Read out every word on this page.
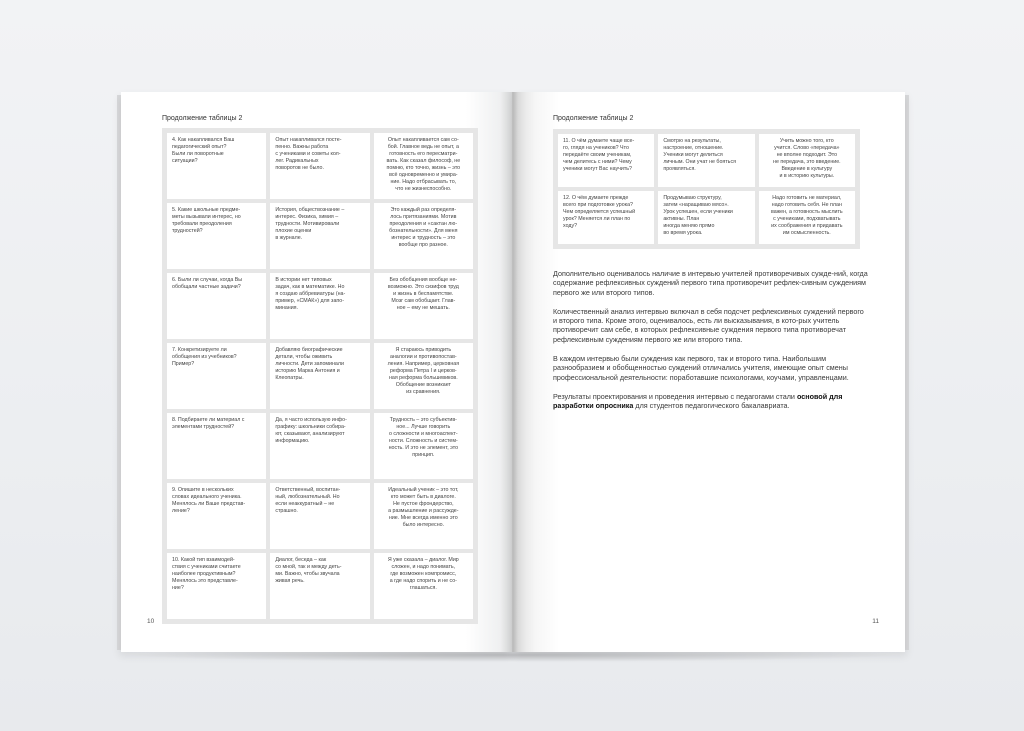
Продолжение таблицы 2
4. Как накапливался Ваш
педагогический опыт?
Были ли поворотные
ситуации?
Опыт накапливался посте-
пенно. Важны работа
с учениками и советы кол-
лег. Радикальных
поворотов не было.
Опыт накапливается сам со-
бой. Главное ведь не опыт, а
готовность его пересматри-
вать. Как сказал философ, не
помню, кто точно, жизнь – это
всё одновременно и умира-
ние. Надо отбрасывать то,
что не жизнеспособно.
5. Какие школьные предме-
меты вызывали интерес, но
требовали преодоления
трудностей?
История, обществознание –
интерес. Физика, химия –
трудности. Мотивировали
плохие оценки
в журнале.
Это каждый раз определя-
лось притязаниями. Мотив
преодоления и «сактан лю-
бознательности». Для меня
интерес и трудность – это
вообще про разное.
6. Были ли случаи, когда Вы
обобщали частные задачи?
В истории нет типовых
задач, как в математике. Но
я создаю аббревиатуры (на-
пример, «СМАК») для запо-
минания.
Без обобщения вообще не-
возможно. Это сизифов труд
и жизнь в беспамятстве.
Мозг сам обобщает. Глав-
ное – ему не мешать.
7. Конкретизируете ли
обобщения из учебников?
Пример?
Добавляю биографические
детали, чтобы оживить
личности. Дети запоминали
историю Марка Антония и
Клеопатры.
Я стараюсь приводить
аналогии и противопостав-
ления. Например, церковная
реформа Петра I и церков-
ная реформа большевиков.
Обобщение возникает
из сравнения.
8. Подбираете ли материал с
элементами трудностей?
Да, я часто использую инфо-
графику: школьники собира-
ют, сказывают, анализируют
информацию.
Трудность – это субъектив-
ное... Лучше говорить
о сложности и многоаспект-
ности. Сложность и систем-
ность. И это не элемент, это
принцип.
9. Опишите в нескольких
словах идеального ученика.
Менялось ли Ваше представ-
ление?
Ответственный, воспитан-
ный, любознательный. Но
если неаккуратный – не
страшно.
Идеальный ученик – это тот,
кто может быть в диалоге.
Не пустое фрондерство,
а размышление и рассужде-
ние. Мне всегда именно это
было интересно.
10. Какой тип взаимодей-
ствия с учениками считаете
наиболее продуктивным?
Менялось это представле-
ние?
Диалог, беседа – как
со мной, так и между деть-
ми. Важно, чтобы звучала
живая речь.
Я уже сказала – диалог. Мир
сложен, и надо понимать,
где возможен компромисс,
а где надо спорить и не со-
глашаться.
10
Продолжение таблицы 2
11. О чём думаете чаще все-
го, глядя на учеников? Что
передаёте своим ученикам,
чем делитесь с ними? Чему
ученики могут Вас научить?
Смотрю на результаты,
настроение, отношение.
Ученики могут делиться
личным. Они учат не бояться
проявляться.
Учить можно того, кто
учится. Слово «передача»
не вполне подходит. Это
не передача, это введение.
Введение в культуру
и в историю культуры.
12. О чём думаете прежде
всего при подготовке урока?
Чем определяется успешный
урок? Меняется ли план по
ходу?
Продумываю структуру,
затем «наращиваю мясо».
Урок успешен, если ученики
активны. План
иногда меняю прямо
во время урока.
Надо готовить не материал,
надо готовить себя. Не план
важен, а готовность мыслить
с учениками, подхватывать
их соображения и придавать
им осмысленность.

Дополнительно оценивалось наличие в интервью учителей противоречивых сужде-ний, когда содержание рефлексивных суждений первого типа противоречит рефлек-сивным суждениям первого же или второго типов.

Количественный анализ интервью включал в себя подсчет рефлексивных суждений первого и второго типа. Кроме этого, оценивалось, есть ли высказывания, в кото-рых учитель противоречит сам себе, в которых рефлексивные суждения первого типа противоречат рефлексивным суждениям первого же или второго типа.

В каждом интервью были суждения как первого, так и второго типа. Наибольшим разнообразием и обобщенностью суждений отличались учителя, имеющие опыт смены профессиональной деятельности: поработавшие психологами, коучами, управленцами.

Результаты проектирования и проведения интервью с педагогами стали основой для разработки опросника для студентов педагогического бакалавриата.

11
